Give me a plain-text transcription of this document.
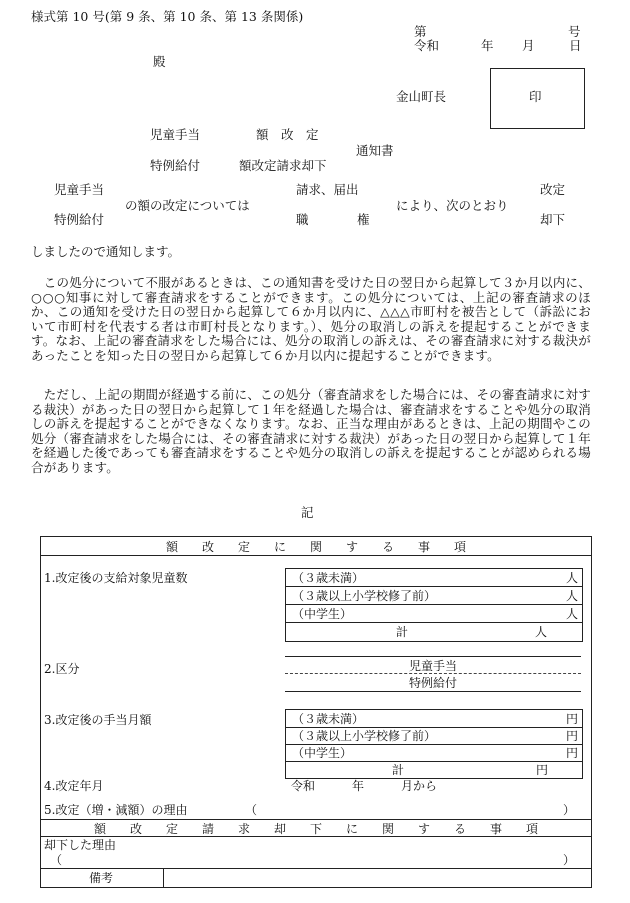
様式第 10 号(第 9 条、第 10 条、第 13 条関係)
第	号
令和	年 月	日
殿
金山町長	印
児童手当	額　改　定
通知書
特例給付	額改定請求却下
児童手当	請求、届出	改定
の額の改定については	により、次のとおり
特例給付	職	権	却下
しましたので通知します。
　この処分について不服があるときは、この通知書を受けた日の翌日から起算して３か月以内に、○○○知事に対して審査請求をすることができます。この処分については、上記の審査請求のほか、この通知を受けた日の翌日から起算して６か月以内に、△△△市町村を被告として（訴訟において市町村を代表する者は市町村長となります。）、処分の取消しの訴えを提起することができます。なお、上記の審査請求をした場合には、処分の取消しの訴えは、その審査請求に対する裁決があったことを知った日の翌日から起算して６か月以内に提起することができます。
　ただし、上記の期間が経過する前に、この処分（審査請求をした場合には、その審査請求に対する裁決）があった日の翌日から起算して１年を経過した場合は、審査請求をすることや処分の取消しの訴えを提起することができなくなります。なお、正当な理由があるときは、上記の期間やこの処分（審査請求をした場合には、その審査請求に対する裁決）があった日の翌日から起算して１年を経過した後であっても審査請求をすることや処分の取消しの訴えを提起することが認められる場合があります。
記
額　　改　　定　　に　　関　　す　　る　　事　　項
1.改定後の支給対象児童数	（３歳未満）	人
（３歳以上小学校修了前）	人
（中学生）	人
計	人
2.区分	児童手当
特例給付
3.改定後の手当月額	（３歳未満）	円
（３歳以上小学校修了前）	円
（中学生）	円
計	円
4.改定年月	令和	年	月から
5.改定（増・減額）の理由	（	）
額　　改　　定　　請　　求　　却　　下　　に　　関　　す　　る　　事　　項
却下した理由
（	）
備考
